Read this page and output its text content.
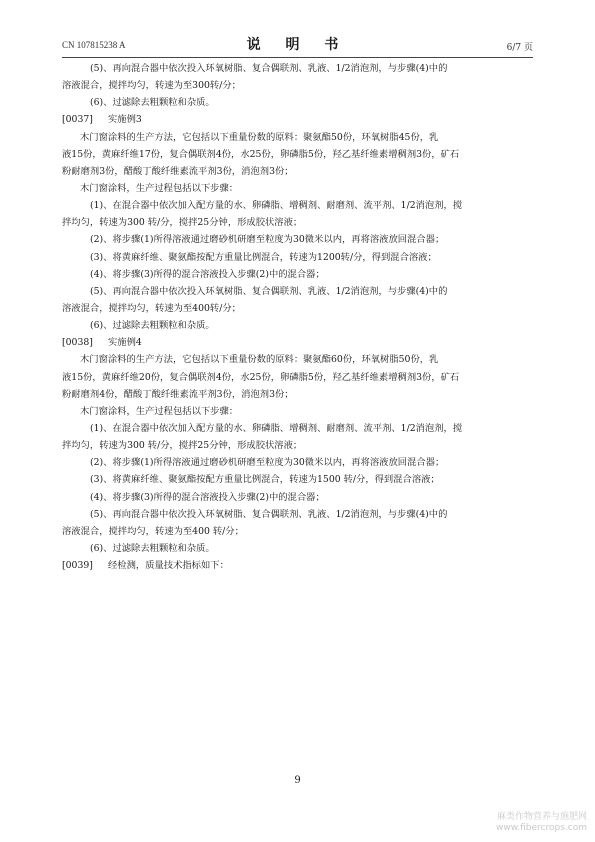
CN 107815238 A	说 明 书	6/7 页
(5)、再向混合器中依次投入环氧树脂、复合偶联剂、乳液、1/2消泡剂，与步骤(4)中的
溶液混合，搅拌均匀，转速为至300转/分；
(6)、过滤除去粗颗粒和杂质。
[0037] 实施例3
木门窗涂料的生产方法，它包括以下重量份数的原料：聚氨酯50份，环氧树脂45份，乳
液15份，黄麻纤维17份，复合偶联剂4份，水25份，卵磷脂5份，羟乙基纤维素增稠剂3份，矿石
粉耐磨剂3份，醋酸丁酸纤维素流平剂3份，消泡剂3份；
木门窗涂料，生产过程包括以下步骤：
(1)、在混合器中依次加入配方量的水、卵磷脂、增稠剂、耐磨剂、流平剂、1/2消泡剂，搅
拌均匀，转速为300 转/分，搅拌25分钟，形成胶状溶液；
(2)、将步骤(1)所得溶液通过磨砂机研磨至粒度为30微米以内，再将溶液放回混合器；
(3)、将黄麻纤维、聚氨酯按配方重量比例混合，转速为1200转/分，得到混合溶液；
(4)、将步骤(3)所得的混合溶液投入步骤(2)中的混合器；
(5)、再向混合器中依次投入环氧树脂、复合偶联剂、乳液、1/2消泡剂，与步骤(4)中的
溶液混合，搅拌均匀，转速为至400转/分；
(6)、过滤除去粗颗粒和杂质。
[0038] 实施例4
木门窗涂料的生产方法，它包括以下重量份数的原料：聚氨酯60份，环氧树脂50份，乳
液15份，黄麻纤维20份，复合偶联剂4份，水25份，卵磷脂5份，羟乙基纤维素增稠剂3份，矿石
粉耐磨剂4份，醋酸丁酸纤维素流平剂3份，消泡剂3份；
木门窗涂料，生产过程包括以下步骤：
(1)、在混合器中依次加入配方量的水、卵磷脂、增稠剂、耐磨剂、流平剂、1/2消泡剂，搅
拌均匀，转速为300 转/分，搅拌25分钟，形成胶状溶液；
(2)、将步骤(1)所得溶液通过磨砂机研磨至粒度为30微米以内，再将溶液放回混合器；
(3)、将黄麻纤维、聚氨酯按配方重量比例混合，转速为1500 转/分，得到混合溶液；
(4)、将步骤(3)所得的混合溶液投入步骤(2)中的混合器；
(5)、再向混合器中依次投入环氧树脂、复合偶联剂、乳液、1/2消泡剂，与步骤(4)中的
溶液混合，搅拌均匀，转速为至400 转/分；
(6)、过滤除去粗颗粒和杂质。
[0039] 经检测，质量技术指标如下：
9
麻类作物营养与施肥网
www.fibercrops.com
